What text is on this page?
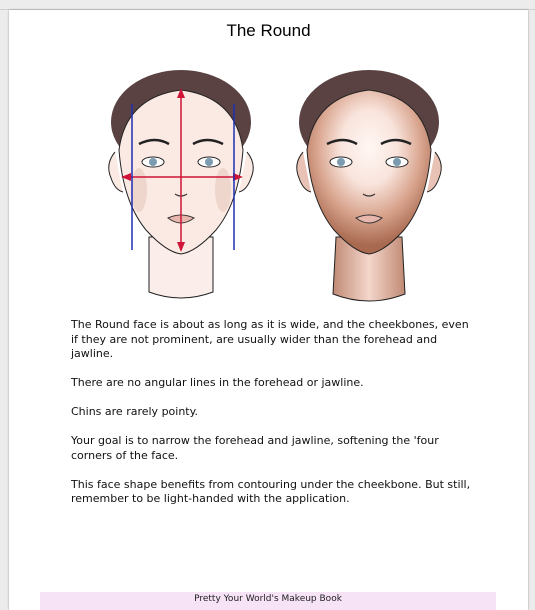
The Round

The Round face is about as long as it is wide, and the cheekbones, even if they are not prominent, are usually wider than the forehead and jawline.

There are no angular lines in the forehead or jawline.

Chins are rarely pointy.

Your goal is to narrow the forehead and jawline, softening the 'four corners of the face.

This face shape benefits from contouring under the cheekbone. But still, remember to be light-handed with the application.

Pretty Your World's Makeup Book
